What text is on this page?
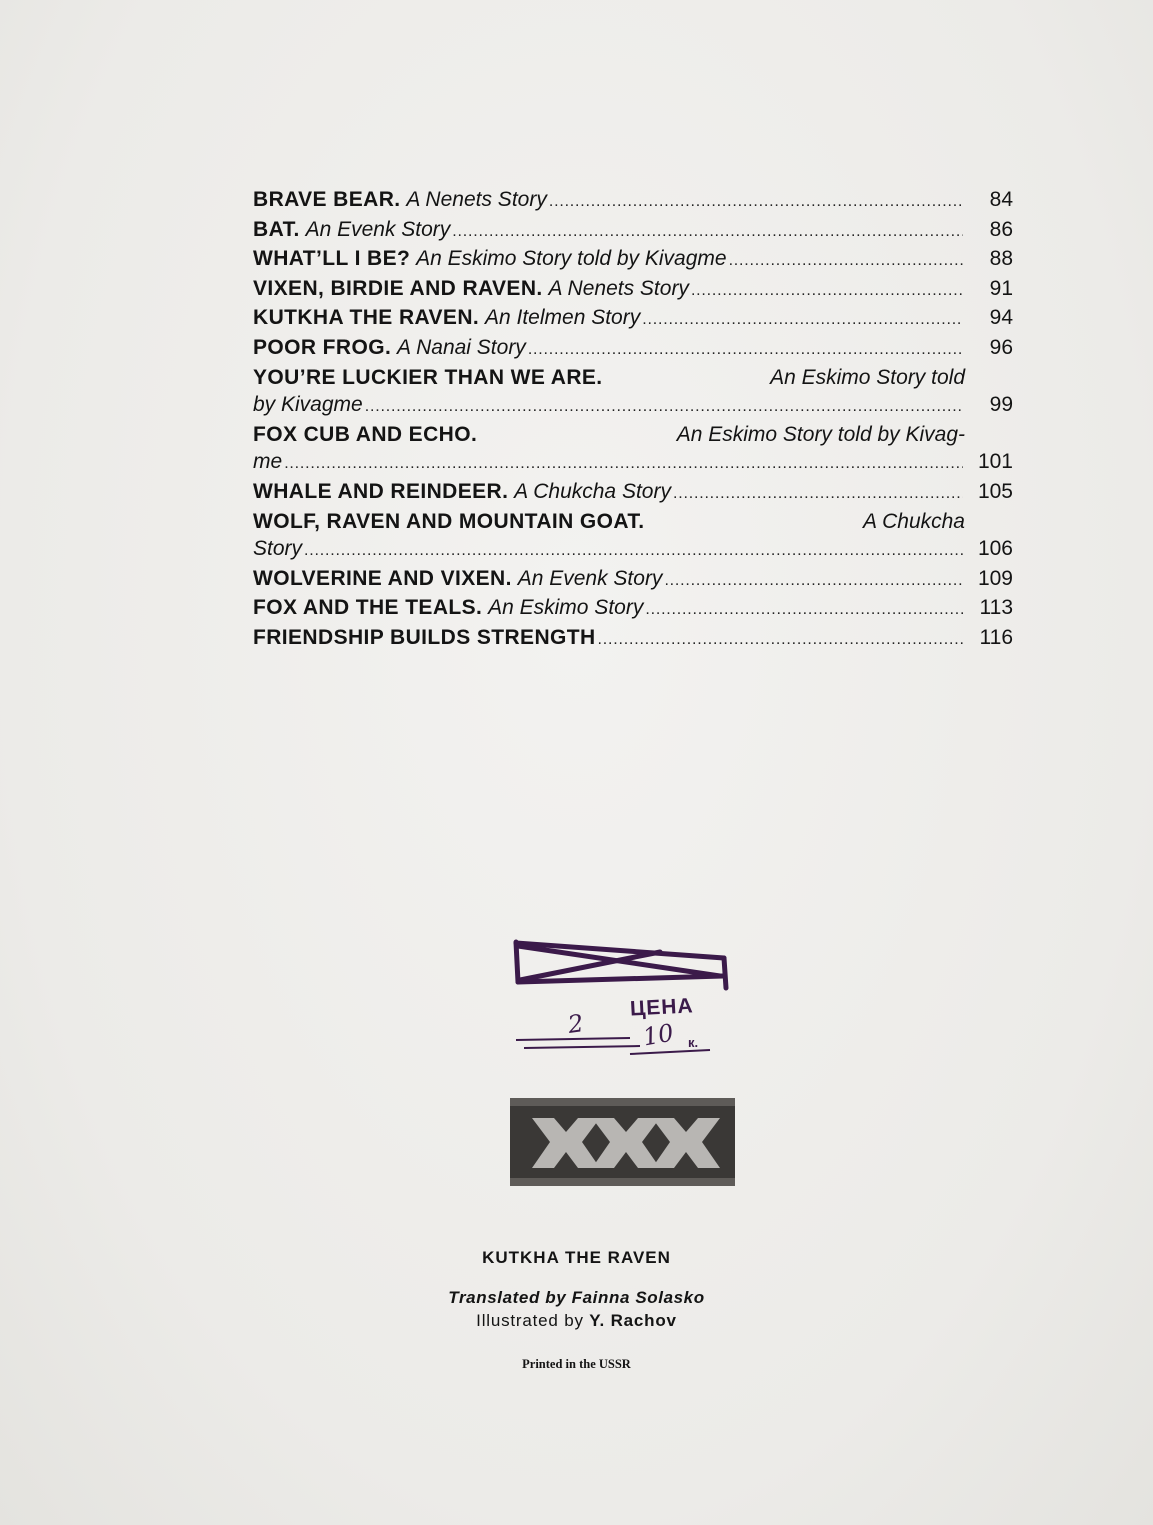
BRAVE BEAR. A Nenets Story .....	84
BAT. An Evenk Story .....	86
WHAT’LL I BE? An Eskimo Story told by Kivagme .....	88
VIXEN, BIRDIE AND RAVEN. A Nenets Story .....	91
KUTKHA THE RAVEN. An Itelmen Story .....	94
POOR FROG. A Nanai Story .....	96
YOU’RE LUCKIER THAN WE ARE.	An Eskimo Story told
by Kivagme .....	99
FOX CUB AND ECHO.	An Eskimo Story told by Kivag-
me .....	101
WHALE AND REINDEER. A Chukcha Story .....	105
WOLF, RAVEN AND MOUNTAIN GOAT.	A Chukcha
Story .....	106
WOLVERINE AND VIXEN. An Evenk Story .....	109
FOX AND THE TEALS. An Eskimo Story .....	113
FRIENDSHIP BUILDS STRENGTH .....	116
ЦЕНА
2 10 к.
KUTKHA THE RAVEN
Translated by Fainna Solasko
Illustrated by Y. Rachov
Printed in the USSR
